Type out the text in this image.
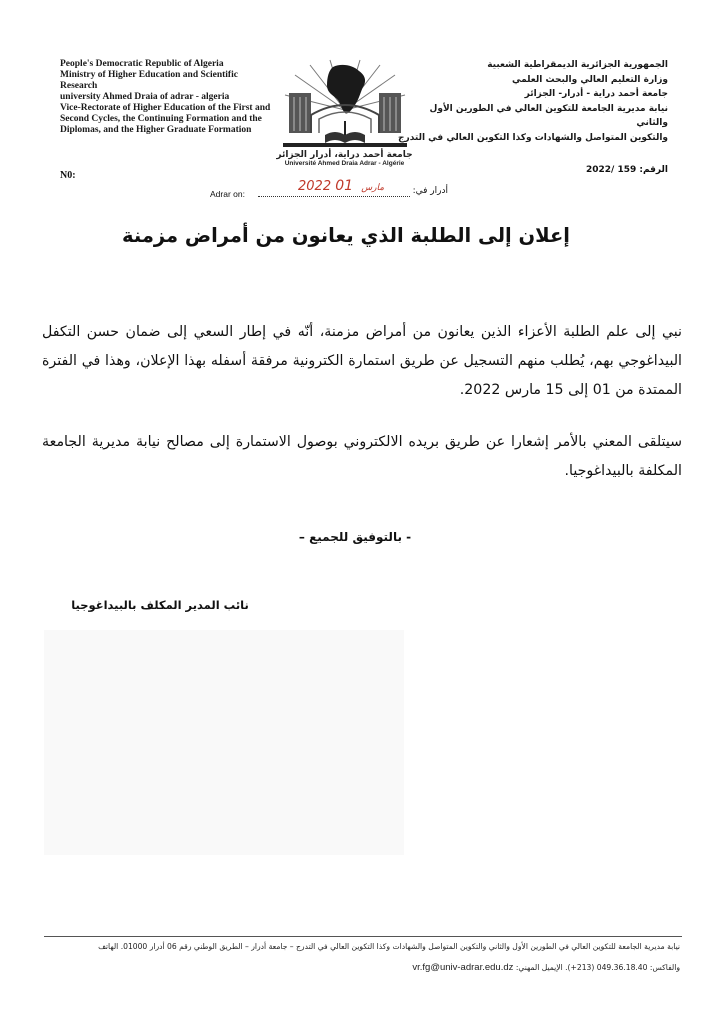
People's Democratic Republic of Algeria
Ministry of Higher Education and Scientific Research
university Ahmed Draia of adrar - algeria
Vice-Rectorate of Higher Education of the First and Second Cycles, the Continuing Formation and the Diplomas, and the Higher Graduate Formation
N0:
جامعة أحمد دراية، أدرار الجزائر
Université Ahmed Draia Adrar - Algérie
الجمهورية الجزائرية الديمقراطية الشعبية
وزارة التعليم العالي والبحث العلمي
جامعة أحمد دراية - أدرار- الجزائر
نيابة مديرية الجامعة للتكوين العالي في الطورين الأول والثاني
والتكوين المتواصل والشهادات وكذا التكوين العالي في التدرج
الرقم: 159 /2022
Adrar on:	أدرار في:
2022	مارس 01
إعلان إلى الطلبة الذي يعانون من أمراض مزمنة
نبي إلى علم الطلبة الأعزاء الذين يعانون من أمراض مزمنة، أنّه في إطار السعي إلى ضمان حسن التكفل البيداغوجي بهم، يُطلب منهم التسجيل عن طريق استمارة الكترونية مرفقة أسفله بهذا الإعلان، وهذا في الفترة الممتدة من 01 إلى 15 مارس 2022.
سيتلقى المعني بالأمر إشعارا عن طريق بريده الالكتروني بوصول الاستمارة إلى مصالح نيابة مديرية الجامعة المكلفة بالبيداغوجيا.
- بالتوفيق للجميع –
نائب المدير المكلف بالبيداغوجيا
نيابة مديرية الجامعة للتكوين العالي في الطورين الأول والثاني والتكوين المتواصل والشهادات وكذا التكوين العالي في التدرج – جامعة أدرار – الطريق الوطني رقم 06 أدرار 01000. الهاتف
والفاكس: 049.36.18.40 (213+). الإيميل المهني: vr.fg@univ-adrar.edu.dz
